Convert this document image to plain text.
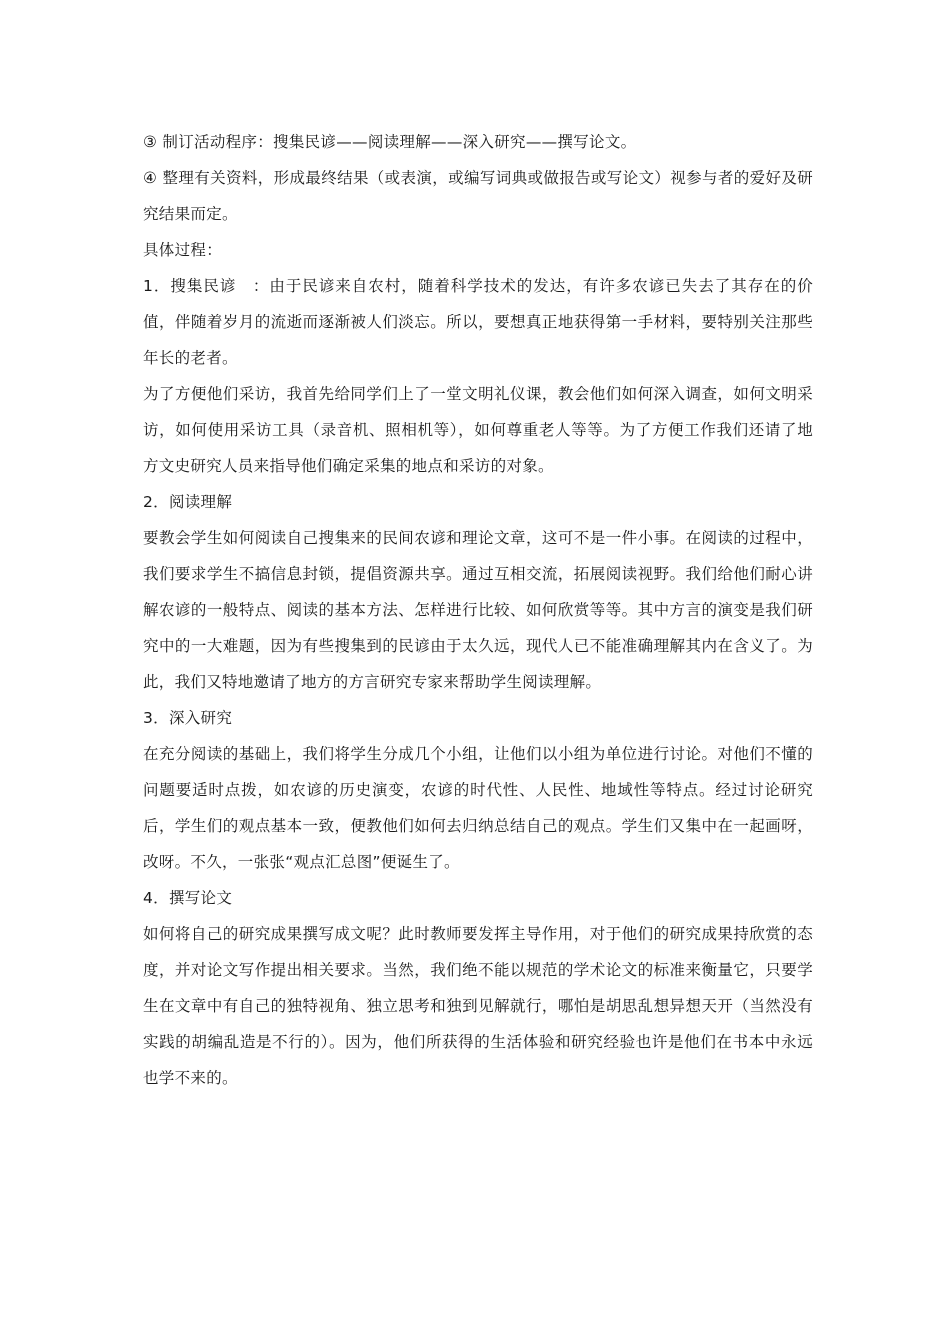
③ 制订活动程序：搜集民谚——阅读理解——深入研究——撰写论文。

④ 整理有关资料，形成最终结果（或表演，或编写词典或做报告或写论文）视参与者的爱好及研究结果而定。

具体过程：

1．搜集民谚　：由于民谚来自农村，随着科学技术的发达，有许多农谚已失去了其存在的价值，伴随着岁月的流逝而逐渐被人们淡忘。所以，要想真正地获得第一手材料，要特别关注那些年长的老者。

为了方便他们采访，我首先给同学们上了一堂文明礼仪课，教会他们如何深入调查，如何文明采访，如何使用采访工具（录音机、照相机等），如何尊重老人等等。为了方便工作我们还请了地方文史研究人员来指导他们确定采集的地点和采访的对象。

2．阅读理解

要教会学生如何阅读自己搜集来的民间农谚和理论文章，这可不是一件小事。在阅读的过程中，我们要求学生不搞信息封锁，提倡资源共享。通过互相交流，拓展阅读视野。我们给他们耐心讲解农谚的一般特点、阅读的基本方法、怎样进行比较、如何欣赏等等。其中方言的演变是我们研究中的一大难题，因为有些搜集到的民谚由于太久远，现代人已不能准确理解其内在含义了。为此，我们又特地邀请了地方的方言研究专家来帮助学生阅读理解。

3．深入研究

在充分阅读的基础上，我们将学生分成几个小组，让他们以小组为单位进行讨论。对他们不懂的问题要适时点拨，如农谚的历史演变，农谚的时代性、人民性、地域性等特点。经过讨论研究后，学生们的观点基本一致，便教他们如何去归纳总结自己的观点。学生们又集中在一起画呀，改呀。不久，一张张“观点汇总图”便诞生了。

4．撰写论文

如何将自己的研究成果撰写成文呢？此时教师要发挥主导作用，对于他们的研究成果持欣赏的态度，并对论文写作提出相关要求。当然，我们绝不能以规范的学术论文的标准来衡量它，只要学生在文章中有自己的独特视角、独立思考和独到见解就行，哪怕是胡思乱想异想天开（当然没有实践的胡编乱造是不行的）。因为，他们所获得的生活体验和研究经验也许是他们在书本中永远也学不来的。
